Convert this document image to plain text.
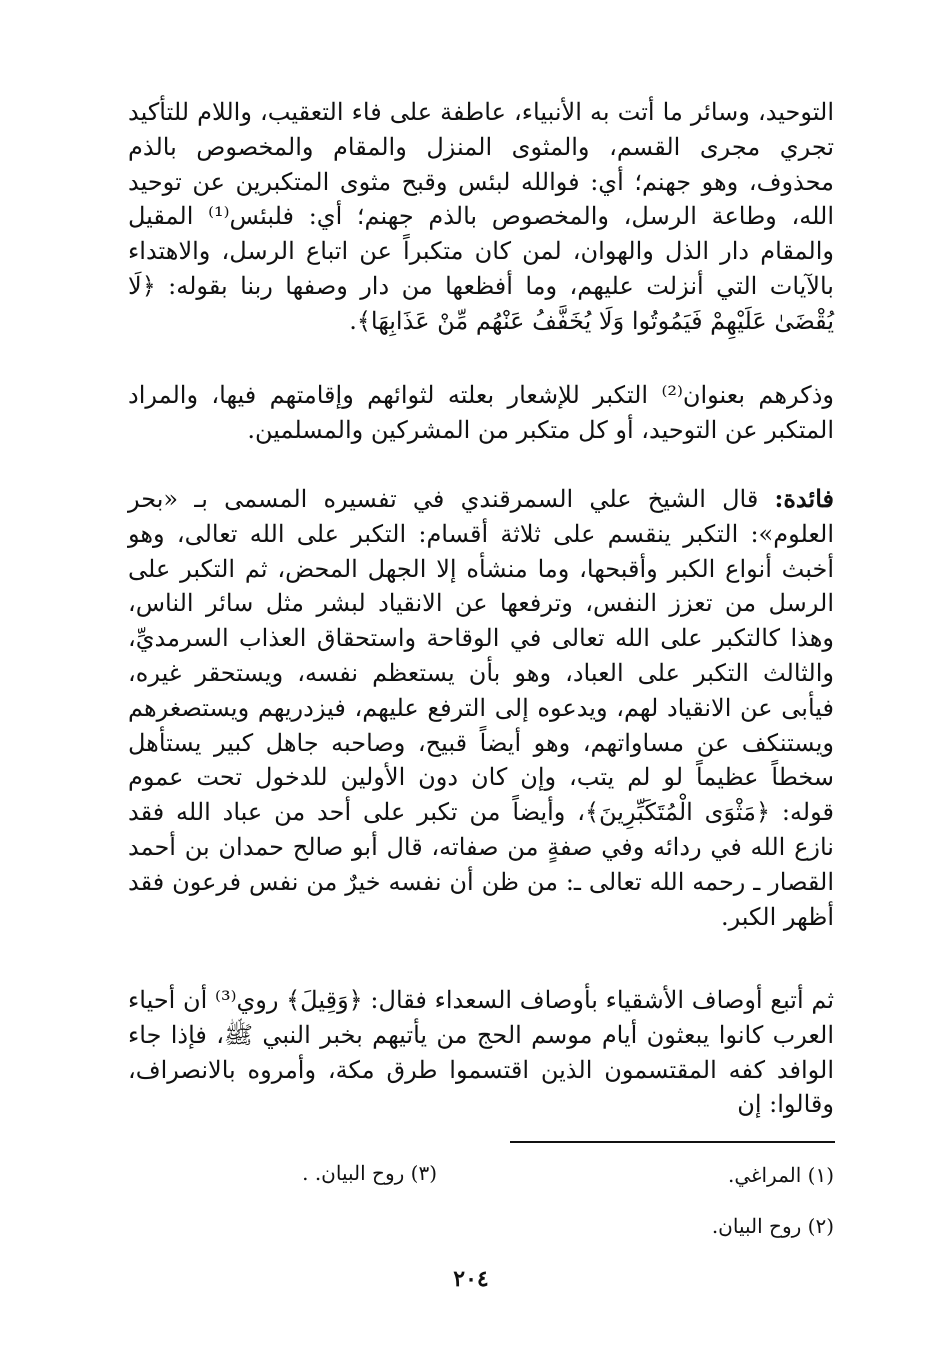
التوحيد، وسائر ما أتت به الأنبياء، عاطفة على فاء التعقيب، واللام للتأكيد تجري مجرى القسم، والمثوى المنزل والمقام والمخصوص بالذم محذوف، وهو جهنم؛ أي: فوالله لبئس وقبح مثوى المتكبرين عن توحيد الله، وطاعة الرسل، والمخصوص بالذم جهنم؛ أي: فلبئس⁽¹⁾ المقيل والمقام دار الذل والهوان، لمن كان متكبراً عن اتباع الرسل، والاهتداء بالآيات التي أنزلت عليهم، وما أفظعها من دار وصفها ربنا بقوله: ﴿لَا يُقْضَىٰ عَلَيْهِمْ فَيَمُوتُوا وَلَا يُخَفَّفُ عَنْهُم مِّنْ عَذَابِهَا﴾.

وذكرهم بعنوان⁽²⁾ التكبر للإشعار بعلته لثوائهم وإقامتهم فيها، والمراد المتكبر عن التوحيد، أو كل متكبر من المشركين والمسلمين.

فائدة: قال الشيخ علي السمرقندي في تفسيره المسمى بـ «بحر العلوم»: التكبر ينقسم على ثلاثة أقسام: التكبر على الله تعالى، وهو أخبث أنواع الكبر وأقبحها، وما منشأه إلا الجهل المحض، ثم التكبر على الرسل من تعزز النفس، وترفعها عن الانقياد لبشر مثل سائر الناس، وهذا كالتكبر على الله تعالى في الوقاحة واستحقاق العذاب السرمديِّ، والثالث التكبر على العباد، وهو بأن يستعظم نفسه، ويستحقر غيره، فيأبى عن الانقياد لهم، ويدعوه إلى الترفع عليهم، فيزدريهم ويستصغرهم ويستنكف عن مساواتهم، وهو أيضاً قبيح، وصاحبه جاهل كبير يستأهل سخطاً عظيماً لو لم يتب، وإن كان دون الأولين للدخول تحت عموم قوله: ﴿مَثْوَى الْمُتَكَبِّرِينَ﴾، وأيضاً من تكبر على أحد من عباد الله فقد نازع الله في ردائه وفي صفةٍ من صفاته، قال أبو صالح حمدان بن أحمد القصار ـ رحمه الله تعالى ـ: من ظن أن نفسه خيرٌ من نفس فرعون فقد أظهر الكبر.

ثم أتبع أوصاف الأشقياء بأوصاف السعداء فقال: ﴿وَقِيلَ﴾ روي⁽³⁾ أن أحياء العرب كانوا يبعثون أيام موسم الحج من يأتيهم بخبر النبي ﷺ، فإذا جاء الوافد كفه المقتسمون الذين اقتسموا طرق مكة، وأمروه بالانصراف، وقالوا: إن

(١) المراغي.
(٣) روح البيان. .
(٢) روح البيان.
٢٠٤
